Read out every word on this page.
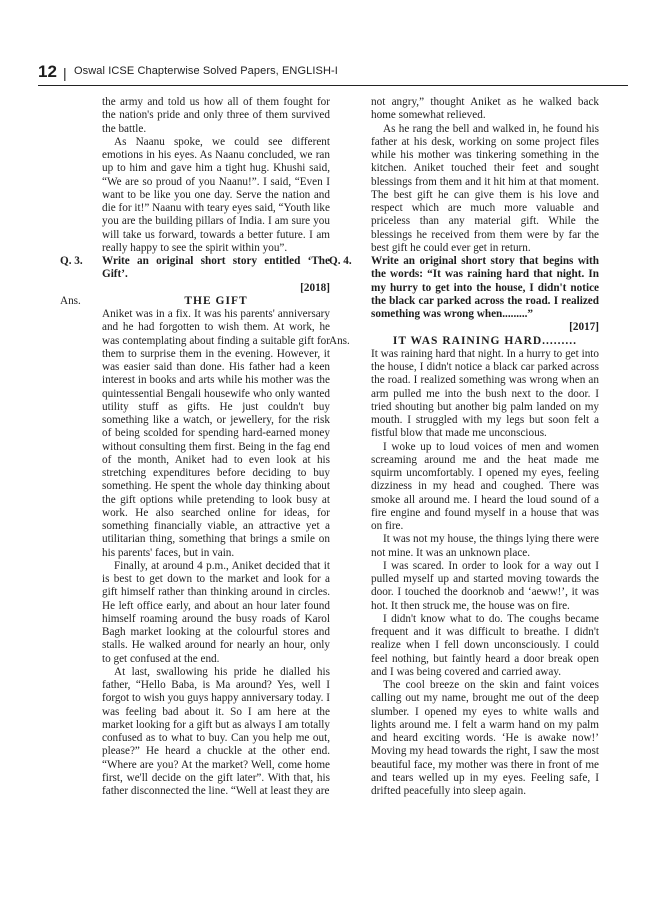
12 | Oswal ICSE Chapterwise Solved Papers, ENGLISH-I

the army and told us how all of them fought for the nation's pride and only three of them survived the battle.

As Naanu spoke, we could see different emotions in his eyes. As Naanu concluded, we ran up to him and gave him a tight hug. Khushi said, “We are so proud of you Naanu!”. I said, “Even I want to be like you one day. Serve the nation and die for it!” Naanu with teary eyes said, “Youth like you are the building pillars of India. I am sure you will take us forward, towards a better future. I am really happy to see the spirit within you”.

Q. 3. Write an original short story entitled ‘The Gift’.
[2018]
Ans.	THE GIFT

Aniket was in a fix. It was his parents' anniversary and he had forgotten to wish them. At work, he was contemplating about finding a suitable gift for them to surprise them in the evening. However, it was easier said than done. His father had a keen interest in books and arts while his mother was the quintessential Bengali housewife who only wanted utility stuff as gifts. He just couldn't buy something like a watch, or jewellery, for the risk of being scolded for spending hard-earned money without consulting them first. Being in the fag end of the month, Aniket had to even look at his stretching expenditures before deciding to buy something. He spent the whole day thinking about the gift options while pretending to look busy at work. He also searched online for ideas, for something financially viable, an attractive yet a utilitarian thing, something that brings a smile on his parents' faces, but in vain.

Finally, at around 4 p.m., Aniket decided that it is best to get down to the market and look for a gift himself rather than thinking around in circles. He left office early, and about an hour later found himself roaming around the busy roads of Karol Bagh market looking at the colourful stores and stalls. He walked around for nearly an hour, only to get confused at the end.

At last, swallowing his pride he dialled his father, “Hello Baba, is Ma around? Yes, well I forgot to wish you guys happy anniversary today. I was feeling bad about it. So I am here at the market looking for a gift but as always I am totally confused as to what to buy. Can you help me out, please?” He heard a chuckle at the other end. “Where are you? At the market? Well, come home first, we'll decide on the gift later”. With that, his father disconnected the line. “Well at least they are

not angry,” thought Aniket as he walked back home somewhat relieved.

As he rang the bell and walked in, he found his father at his desk, working on some project files while his mother was tinkering something in the kitchen. Aniket touched their feet and sought blessings from them and it hit him at that moment. The best gift he can give them is his love and respect which are much more valuable and priceless than any material gift. While the blessings he received from them were by far the best gift he could ever get in return.

Q. 4. Write an original short story that begins with the words: “It was raining hard that night. In my hurry to get into the house, I didn't notice the black car parked across the road. I realized something was wrong when.........”
[2017]
Ans.	IT WAS RAINING HARD.........

It was raining hard that night. In a hurry to get into the house, I didn't notice a black car parked across the road. I realized something was wrong when an arm pulled me into the bush next to the door. I tried shouting but another big palm landed on my mouth. I struggled with my legs but soon felt a fistful blow that made me unconscious.

I woke up to loud voices of men and women screaming around me and the heat made me squirm uncomfortably. I opened my eyes, feeling dizziness in my head and coughed. There was smoke all around me. I heard the loud sound of a fire engine and found myself in a house that was on fire.

It was not my house, the things lying there were not mine. It was an unknown place.

I was scared. In order to look for a way out I pulled myself up and started moving towards the door. I touched the doorknob and ‘aeww!’, it was hot. It then struck me, the house was on fire.

I didn't know what to do. The coughs became frequent and it was difficult to breathe. I didn't realize when I fell down unconsciously. I could feel nothing, but faintly heard a door break open and I was being covered and carried away.

The cool breeze on the skin and faint voices calling out my name, brought me out of the deep slumber. I opened my eyes to white walls and lights around me. I felt a warm hand on my palm and heard exciting words. ‘He is awake now!’ Moving my head towards the right, I saw the most beautiful face, my mother was there in front of me and tears welled up in my eyes. Feeling safe, I drifted peacefully into sleep again.
